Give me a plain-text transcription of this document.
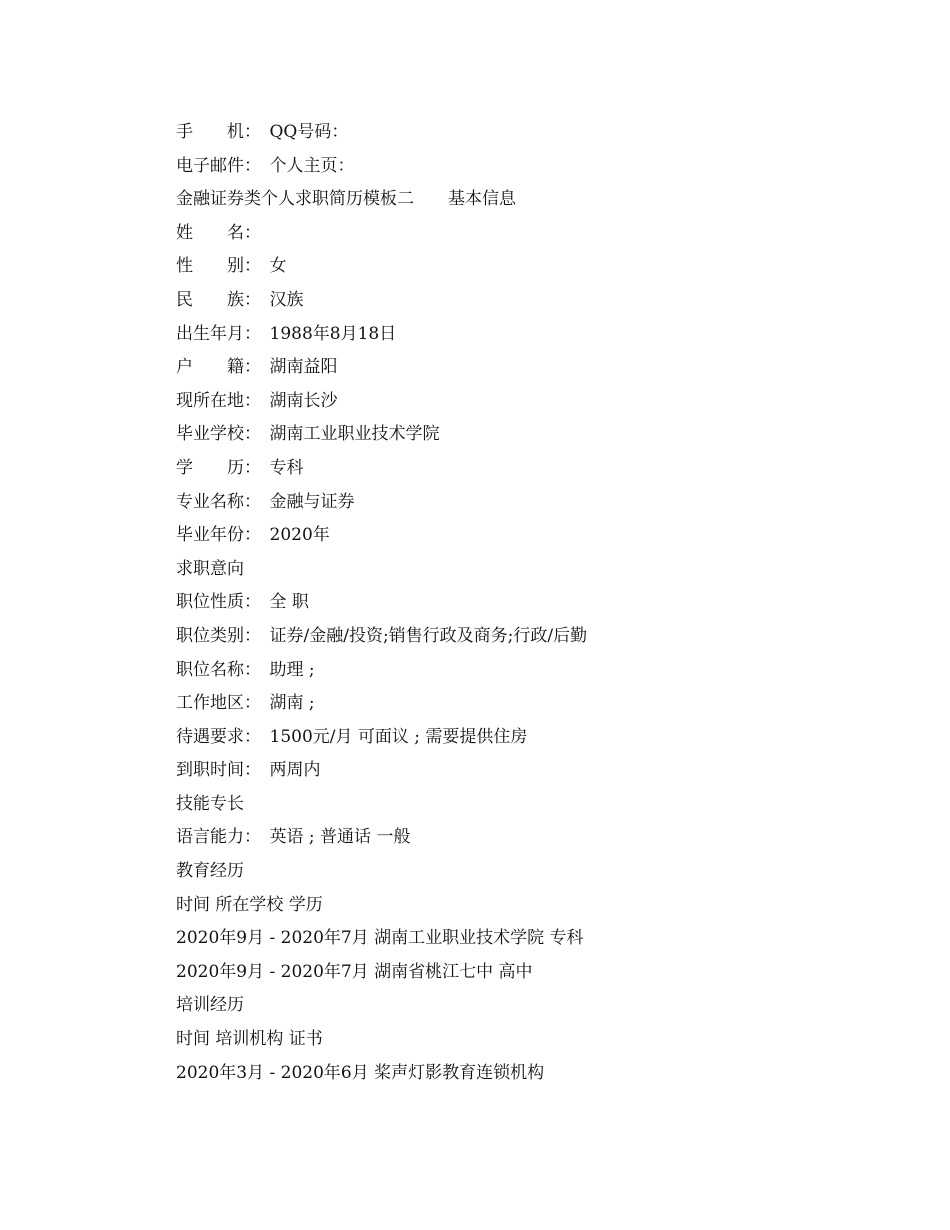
手　　机：　QQ号码：
电子邮件：　个人主页：
金融证券类个人求职简历模板二　　基本信息
姓　　名：
性　　别：　女
民　　族：　汉族
出生年月：　1988年8月18日
户　　籍：　湖南益阳
现所在地：　湖南长沙
毕业学校：　湖南工业职业技术学院
学　　历：　专科
专业名称：　金融与证券
毕业年份：　2020年
求职意向
职位性质：　全 职
职位类别：　证券/金融/投资;销售行政及商务;行政/后勤
职位名称：　助理 ;
工作地区：　湖南 ;
待遇要求：　1500元/月 可面议 ; 需要提供住房
到职时间：　两周内
技能专长
语言能力：　英语 ; 普通话 一般
教育经历
时间 所在学校 学历
2020年9月 - 2020年7月 湖南工业职业技术学院 专科
2020年9月 - 2020年7月 湖南省桃江七中 高中
培训经历
时间 培训机构 证书
2020年3月 - 2020年6月 桨声灯影教育连锁机构
